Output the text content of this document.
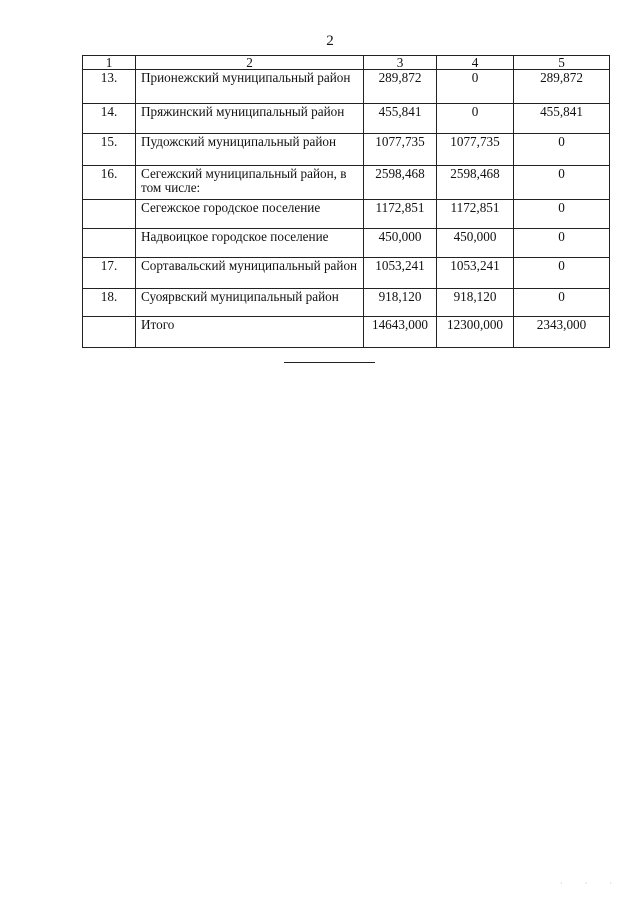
2
1	2	3	4	5
13.	Прионежский муниципальный район	289,872	0	289,872
14.	Пряжинский муниципальный район	455,841	0	455,841
15.	Пудожский муниципальный район	1077,735	1077,735	0
16.	Сегежский муниципальный район, в том числе:	2598,468	2598,468	0
	Сегежское городское поселение	1172,851	1172,851	0
	Надвоицкое городское поселение	450,000	450,000	0
17.	Сортавальский муниципальный район	1053,241	1053,241	0
18.	Суоярвский муниципальный район	918,120	918,120	0
	Итого	14643,000	12300,000	2343,000
· · ·
